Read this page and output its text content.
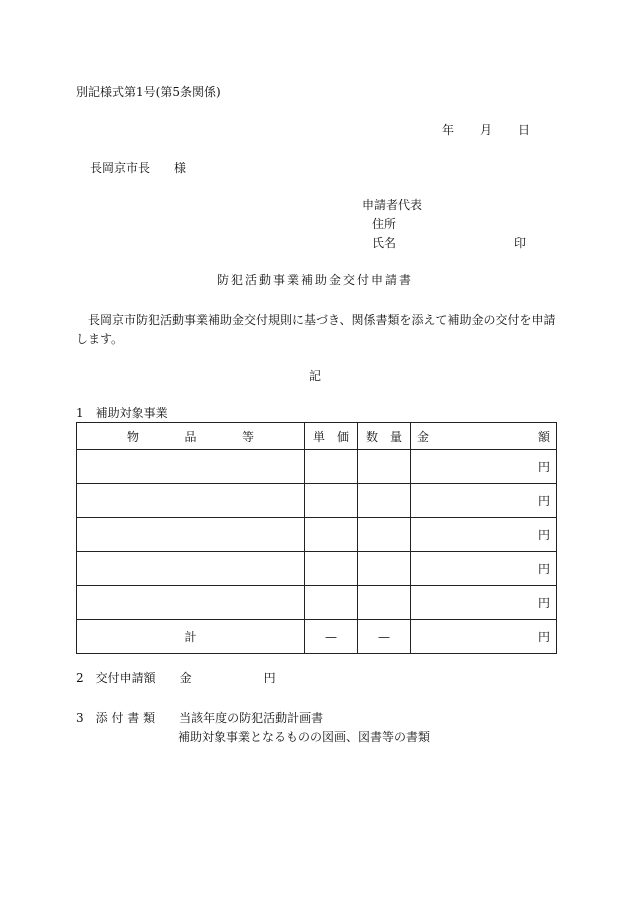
別記様式第1号(第5条関係)
年 月 日
長岡京市長　　様
申請者代表
住所
氏名	印
防犯活動事業補助金交付申請書
長岡京市防犯活動事業補助金交付規則に基づき、関係書類を添えて補助金の交付を申請します。
記
1　補助対象事業
物 品 等	単 価	数 量	金 額

			円
			円
			円
			円
			円
計	—	—	円
2　交付申請額　　金　　　　　　円
3　添 付 書 類　　当該年度の防犯活動計画書
補助対象事業となるものの図画、図書等の書類
